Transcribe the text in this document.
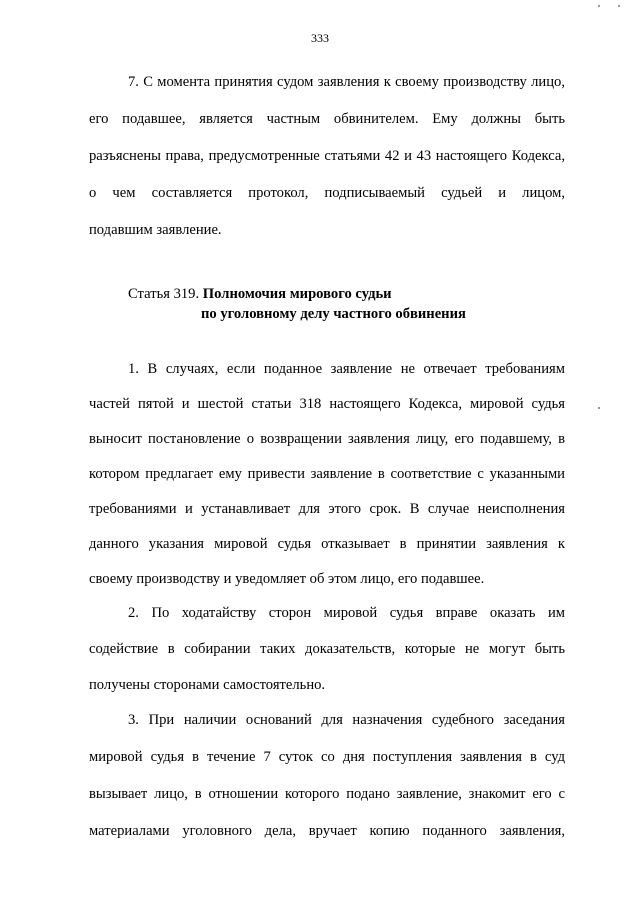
333
7. С момента принятия судом заявления к своему производству лицо,
его подавшее, является частным обвинителем. Ему должны быть
разъяснены права, предусмотренные статьями 42 и 43 настоящего Кодекса,
о чем составляется протокол, подписываемый судьей и лицом,
подавшим заявление.
Статья 319. Полномочия мирового судьи
по уголовному делу частного обвинения
1. В случаях, если поданное заявление не отвечает требованиям
частей пятой и шестой статьи 318 настоящего Кодекса, мировой судья
выносит постановление о возвращении заявления лицу, его подавшему, в
котором предлагает ему привести заявление в соответствие с указанными
требованиями и устанавливает для этого срок. В случае неисполнения
данного указания мировой судья отказывает в принятии заявления к
своему производству и уведомляет об этом лицо, его подавшее.
2. По ходатайству сторон мировой судья вправе оказать им
содействие в собирании таких доказательств, которые не могут быть
получены сторонами самостоятельно.
3. При наличии оснований для назначения судебного заседания
мировой судья в течение 7 суток со дня поступления заявления в суд
вызывает лицо, в отношении которого подано заявление, знакомит его с
материалами уголовного дела, вручает копию поданного заявления,
